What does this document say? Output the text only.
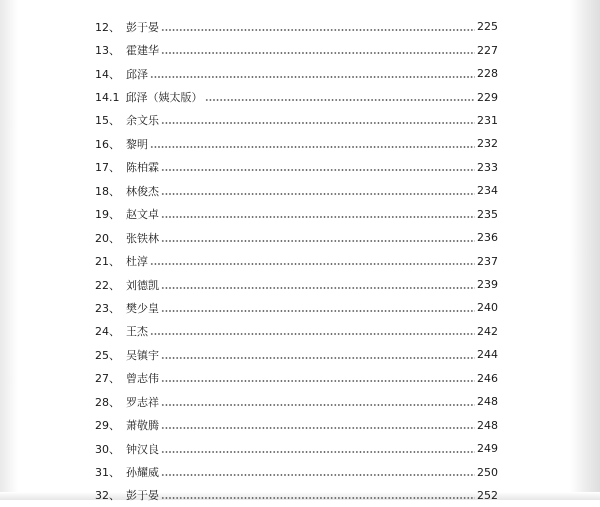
12、 彭于晏	225
13、 霍建华	227
14、 邱泽	228
14.1 邱泽（姨太版）	229
15、 余文乐	231
16、 黎明	232
17、 陈柏霖	233
18、 林俊杰	234
19、 赵文卓	235
20、 张铁林	236
21、 杜淳	237
22、 刘德凯	239
23、 樊少皇	240
24、 王杰	242
25、 吴镇宇	244
27、 曾志伟	246
28、 罗志祥	248
29、 萧敬腾	248
30、 钟汉良	249
31、 孙耀威	250
32、 彭于晏	252
